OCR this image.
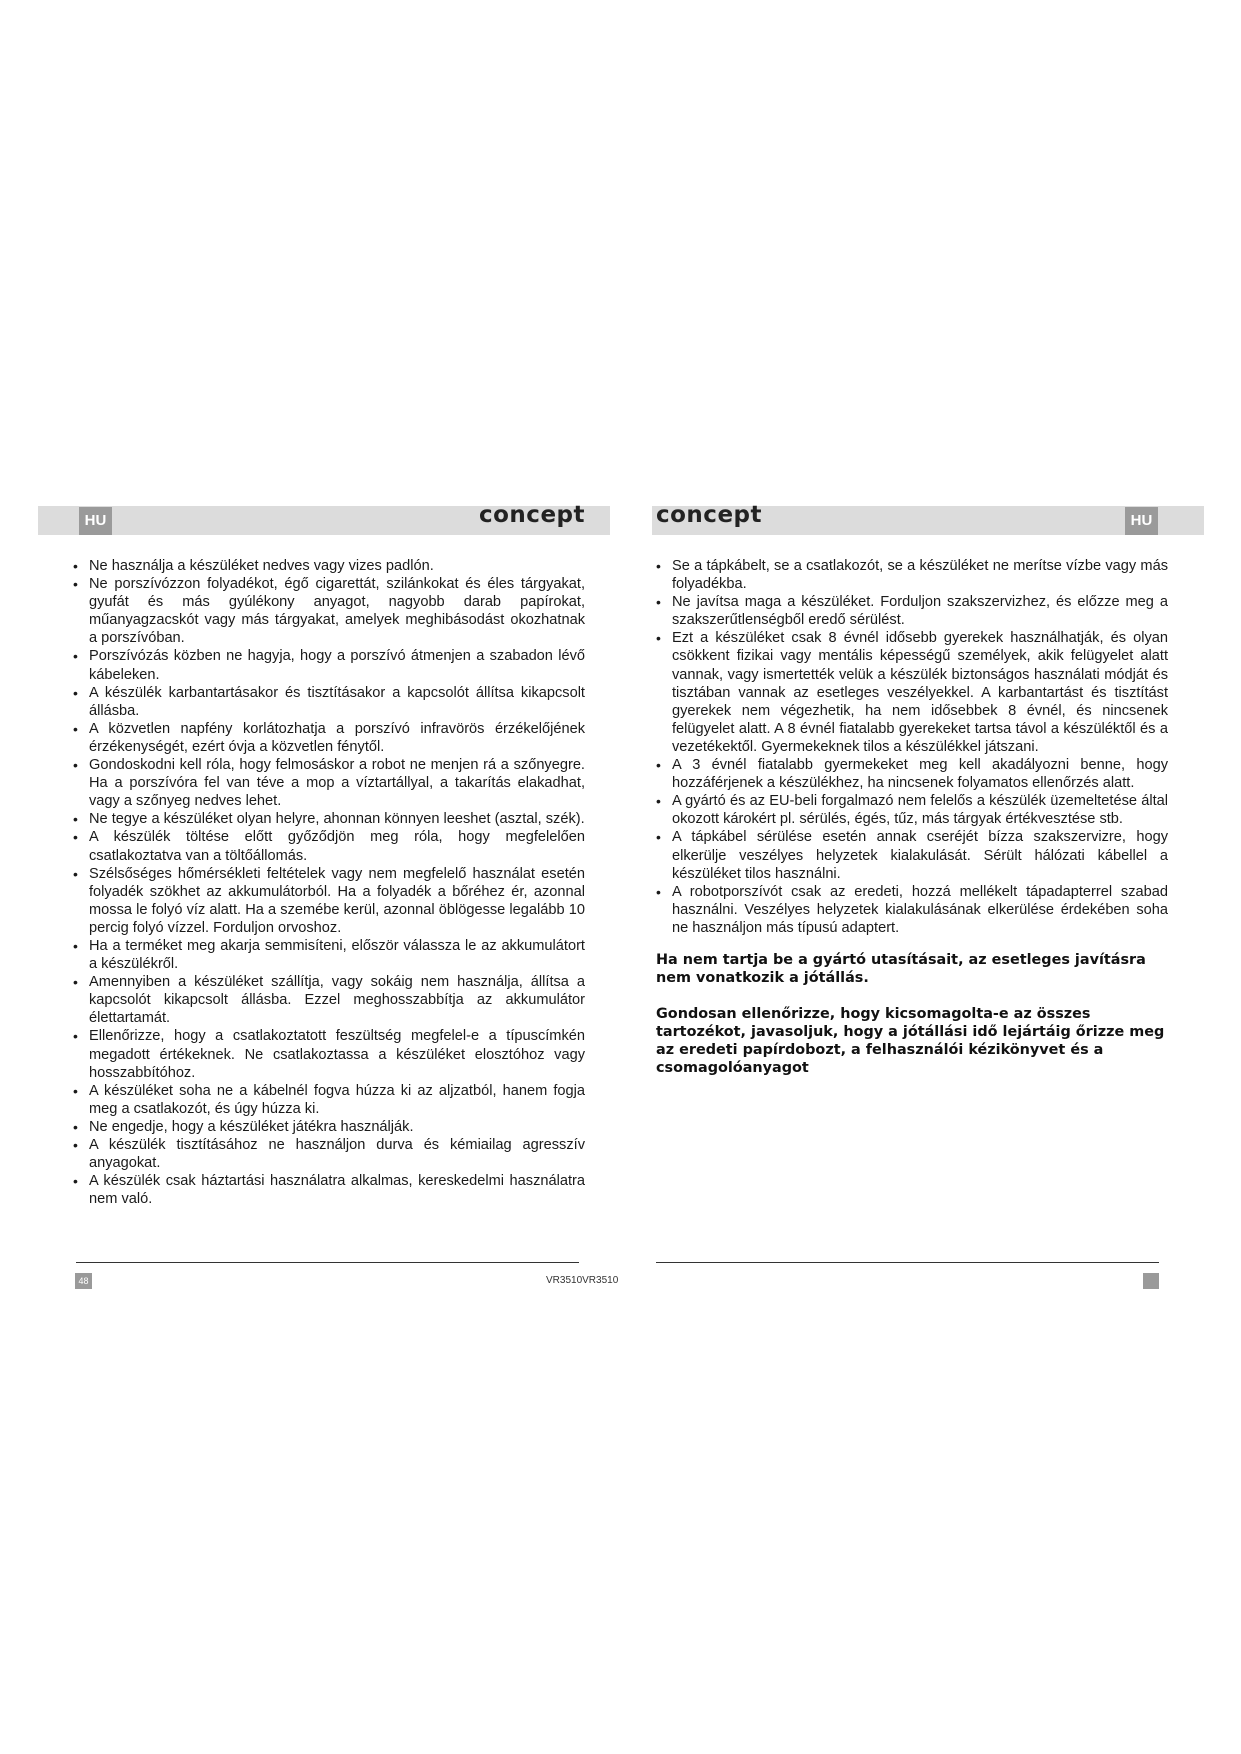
HU	HU
concept	concept
• Ne használja a készüléket nedves vagy vizes padlón.
• Ne porszívózzon folyadékot, égő cigarettát, szilánkokat és éles tárgyakat, gyufát és más gyúlékony anyagot, nagyobb darab papírokat, műanyagzacskót vagy más tárgyakat, amelyek meghibásodást okozhatnak a porszívóban.
• Porszívózás közben ne hagyja, hogy a porszívó átmenjen a szabadon lévő kábeleken.
• A készülék karbantartásakor és tisztításakor a kapcsolót állítsa kikapcsolt állásba.
• A közvetlen napfény korlátozhatja a porszívó infravörös érzékelőjének érzékenységét, ezért óvja a közvetlen fénytől.
• Gondoskodni kell róla, hogy felmosáskor a robot ne menjen rá a szőnyegre. Ha a porszívóra fel van téve a mop a víztartállyal, a takarítás elakadhat, vagy a szőnyeg nedves lehet.
• Ne tegye a készüléket olyan helyre, ahonnan könnyen leeshet (asztal, szék).
• A készülék töltése előtt győződjön meg róla, hogy megfelelően csatlakoztatva van a töltőállomás.
• Szélsőséges hőmérsékleti feltételek vagy nem megfelelő használat esetén folyadék szökhet az akkumulátorból. Ha a folyadék a bőréhez ér, azonnal mossa le folyó víz alatt. Ha a szemébe kerül, azonnal öblögesse legalább 10 percig folyó vízzel. Forduljon orvoshoz.
• Ha a terméket meg akarja semmisíteni, először válassza le az akkumulátort a készülékről.
• Amennyiben a készüléket szállítja, vagy sokáig nem használja, állítsa a kapcsolót kikapcsolt állásba. Ezzel meghosszabbítja az akkumulátor élettartamát.
• Ellenőrizze, hogy a csatlakoztatott feszültség megfelel-e a típuscímkén megadott értékeknek. Ne csatlakoztassa a készüléket elosztóhoz vagy hosszabbítóhoz.
• A készüléket soha ne a kábelnél fogva húzza ki az aljzatból, hanem fogja meg a csatlakozót, és úgy húzza ki.
• Ne engedje, hogy a készüléket játékra használják.
• A készülék tisztításához ne használjon durva és kémiailag agresszív anyagokat.
• A készülék csak háztartási használatra alkalmas, kereskedelmi használatra nem való.
• Se a tápkábelt, se a csatlakozót, se a készüléket ne merítse vízbe vagy más folyadékba.
• Ne javítsa maga a készüléket. Forduljon szakszervizhez, és előzze meg a szakszerűtlenségből eredő sérülést.
• Ezt a készüléket csak 8 évnél idősebb gyerekek használhatják, és olyan csökkent fizikai vagy mentális képességű személyek, akik felügyelet alatt vannak, vagy ismertették velük a készülék biztonságos használati módját és tisztában vannak az esetleges veszélyekkel. A karbantartást és tisztítást gyerekek nem végezhetik, ha nem idősebbek 8 évnél, és nincsenek felügyelet alatt. A 8 évnél fiatalabb gyerekeket tartsa távol a készüléktől és a vezetékektől. Gyermekeknek tilos a készülékkel játszani.
• A 3 évnél fiatalabb gyermekeket meg kell akadályozni benne, hogy hozzáférjenek a készülékhez, ha nincsenek folyamatos ellenőrzés alatt.
• A gyártó és az EU-beli forgalmazó nem felelős a készülék üzemeltetése által okozott károkért pl. sérülés, égés, tűz, más tárgyak értékvesztése stb.
• A tápkábel sérülése esetén annak cseréjét bízza szakszervizre, hogy elkerülje veszélyes helyzetek kialakulását. Sérült hálózati kábellel a készüléket tilos használni.
• A robotporszívót csak az eredeti, hozzá mellékelt tápadapterrel szabad használni. Veszélyes helyzetek kialakulásának elkerülése érdekében soha ne használjon más típusú adaptert.

Ha nem tartja be a gyártó utasításait, az esetleges javításra nem vonatkozik a jótállás.

Gondosan ellenőrizze, hogy kicsomagolta-e az összes tartozékot, javasoljuk, hogy a jótállási idő lejártáig őrizze meg az eredeti papírdobozt, a felhasználói kézikönyvet és a csomagolóanyagot

48	VR3510VR3510
